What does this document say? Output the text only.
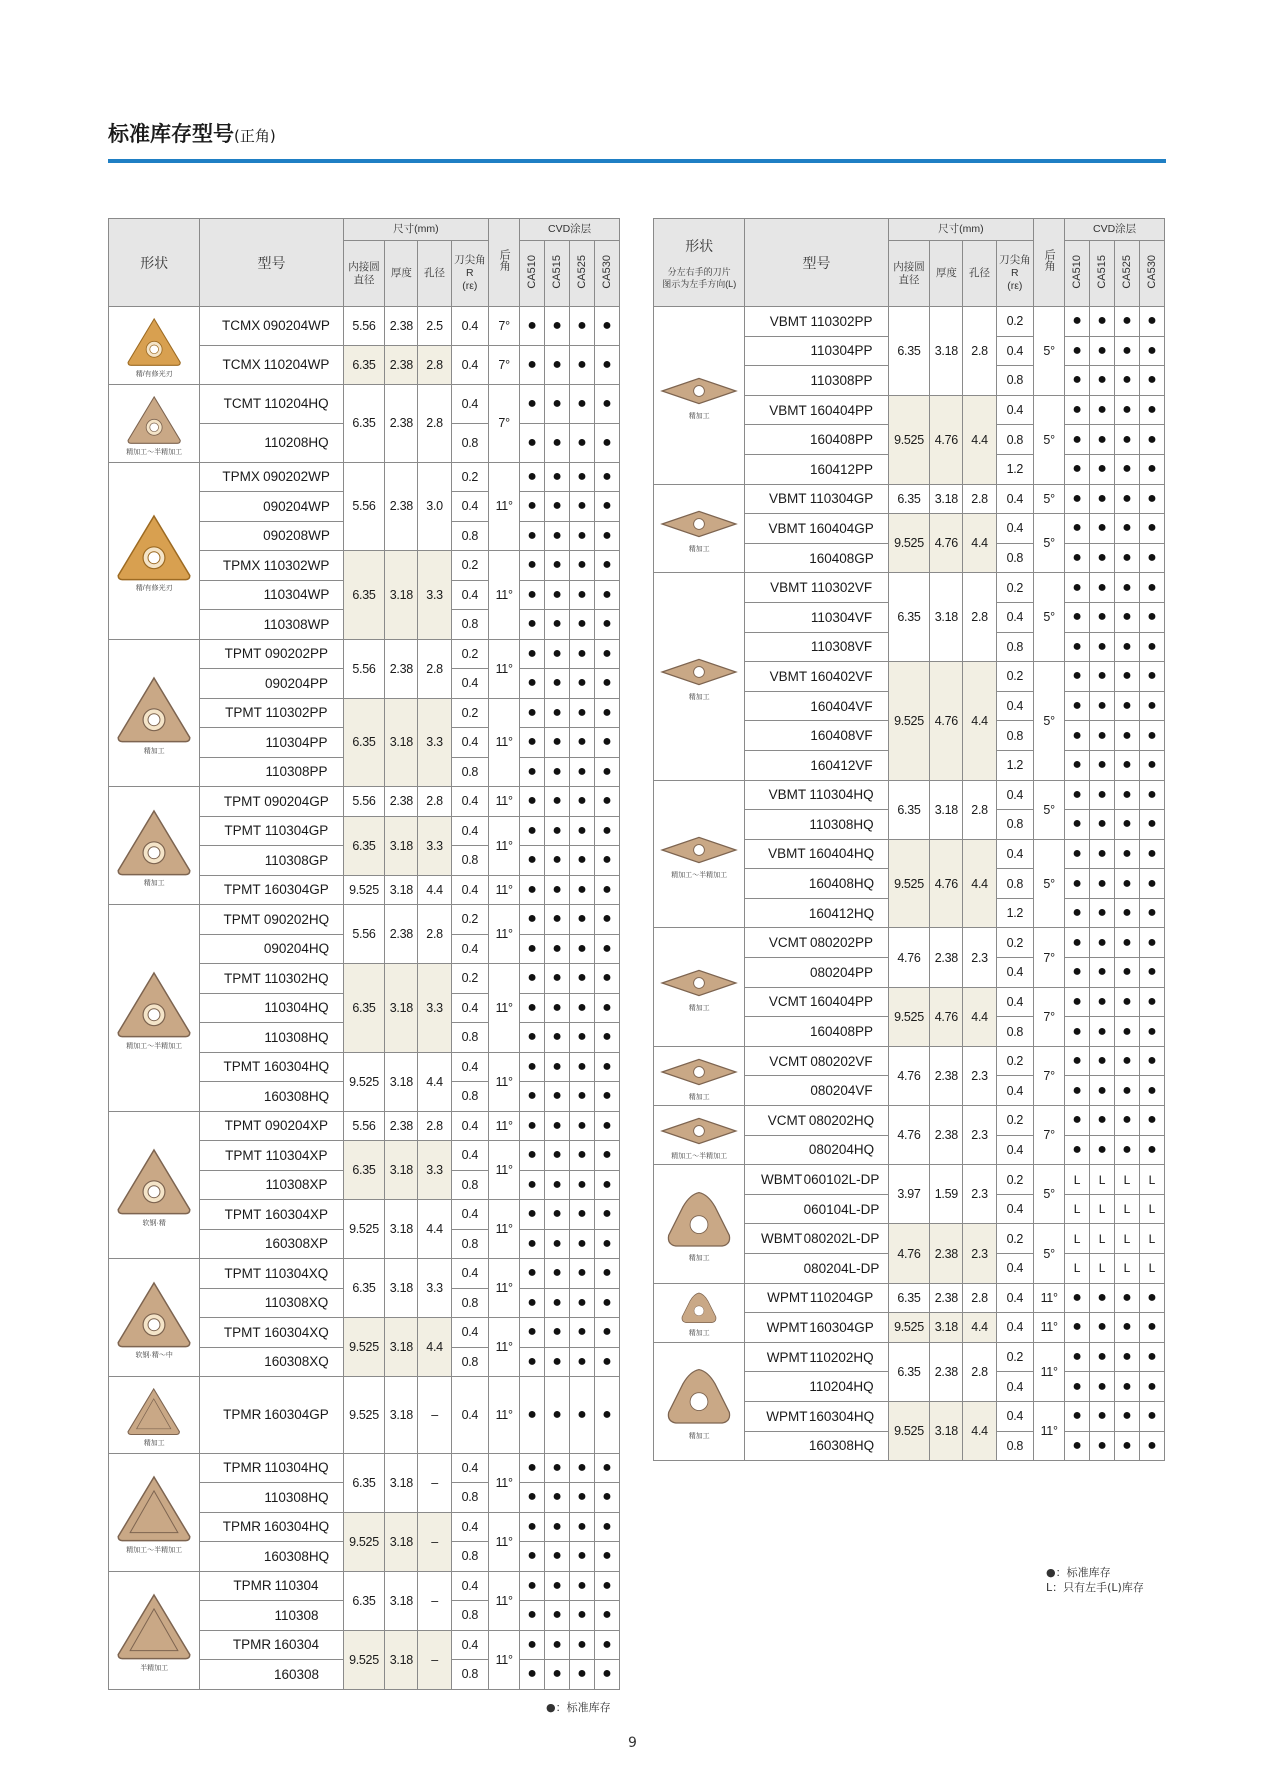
标准库存型号(正角)
形状	型号	尺寸(mm)				后角	CVD涂层			
		内接圆
直径	厚度	孔径	刀尖角
R
(rε)		CA510	CA515	CA525	CA530

精/有修光刃	TCMX 090204WP	5.56	2.38	2.5	0.4	7°	●	●	●	●
	TCMX 110204WP	6.35	2.38	2.8	0.4	7°	●	●	●	●

精加工～半精加工	TCMT 110204HQ	6.35	2.38	2.8	0.4	7°	●	●	●	●
	110208HQ				0.8		●	●	●	●

精/有修光刃	TPMX 090202WP	5.56	2.38	3.0	0.2	11°	●	●	●	●
	090204WP				0.4		●	●	●	●
	090208WP				0.8		●	●	●	●
	TPMX 110302WP	6.35	3.18	3.3	0.2	11°	●	●	●	●
	110304WP				0.4		●	●	●	●
	110308WP				0.8		●	●	●	●

精加工	TPMT 090202PP	5.56	2.38	2.8	0.2	11°	●	●	●	●
	090204PP				0.4		●	●	●	●
	TPMT 110302PP	6.35	3.18	3.3	0.2	11°	●	●	●	●
	110304PP				0.4		●	●	●	●
	110308PP				0.8		●	●	●	●

精加工	TPMT 090204GP	5.56	2.38	2.8	0.4	11°	●	●	●	●
	TPMT 110304GP	6.35	3.18	3.3	0.4	11°	●	●	●	●
	110308GP				0.8		●	●	●	●
	TPMT 160304GP	9.525	3.18	4.4	0.4	11°	●	●	●	●

精加工～半精加工	TPMT 090202HQ	5.56	2.38	2.8	0.2	11°	●	●	●	●
	090204HQ				0.4		●	●	●	●
	TPMT 110302HQ	6.35	3.18	3.3	0.2	11°	●	●	●	●
	110304HQ				0.4		●	●	●	●
	110308HQ				0.8		●	●	●	●
	TPMT 160304HQ	9.525	3.18	4.4	0.4	11°	●	●	●	●
	160308HQ				0.8		●	●	●	●

软钢·精	TPMT 090204XP	5.56	2.38	2.8	0.4	11°	●	●	●	●
	TPMT 110304XP	6.35	3.18	3.3	0.4	11°	●	●	●	●
	110308XP				0.8		●	●	●	●
	TPMT 160304XP	9.525	3.18	4.4	0.4	11°	●	●	●	●
	160308XP				0.8		●	●	●	●

软钢·精～中	TPMT 110304XQ	6.35	3.18	3.3	0.4	11°	●	●	●	●
	110308XQ				0.8		●	●	●	●
	TPMT 160304XQ	9.525	3.18	4.4	0.4	11°	●	●	●	●
	160308XQ				0.8		●	●	●	●

精加工	TPMR 160304GP	9.525	3.18	–	0.4	11°	●	●	●	●

精加工～半精加工	TPMR 110304HQ	6.35	3.18	–	0.4	11°	●	●	●	●
	110308HQ				0.8		●	●	●	●
	TPMR 160304HQ	9.525	3.18	–	0.4	11°	●	●	●	●
	160308HQ				0.8		●	●	●	●

半精加工	TPMR 110304	6.35	3.18	–	0.4	11°	●	●	●	●
	110308				0.8		●	●	●	●
	TPMR 160304	9.525	3.18	–	0.4	11°	●	●	●	●
	160308				0.8		●	●	●	●
形状
分左右手的刀片
图示为左手方向(L)	型号	尺寸(mm)				后角	CVD涂层			
		内接圆
直径	厚度	孔径	刀尖角
R
(rε)		CA510	CA515	CA525	CA530

精加工	VBMT 110302PP	6.35	3.18	2.8	0.2	5°	●	●	●	●
	110304PP				0.4		●	●	●	●
	110308PP				0.8		●	●	●	●
	VBMT 160404PP	9.525	4.76	4.4	0.4	5°	●	●	●	●
	160408PP				0.8		●	●	●	●
	160412PP				1.2		●	●	●	●

精加工	VBMT 110304GP	6.35	3.18	2.8	0.4	5°	●	●	●	●
	VBMT 160404GP	9.525	4.76	4.4	0.4	5°	●	●	●	●
	160408GP				0.8		●	●	●	●

精加工	VBMT 110302VF	6.35	3.18	2.8	0.2	5°	●	●	●	●
	110304VF				0.4		●	●	●	●
	110308VF				0.8		●	●	●	●
	VBMT 160402VF	9.525	4.76	4.4	0.2	5°	●	●	●	●
	160404VF				0.4		●	●	●	●
	160408VF				0.8		●	●	●	●
	160412VF				1.2		●	●	●	●

精加工～半精加工	VBMT 110304HQ	6.35	3.18	2.8	0.4	5°	●	●	●	●
	110308HQ				0.8		●	●	●	●
	VBMT 160404HQ	9.525	4.76	4.4	0.4	5°	●	●	●	●
	160408HQ				0.8		●	●	●	●
	160412HQ				1.2		●	●	●	●

精加工	VCMT 080202PP	4.76	2.38	2.3	0.2	7°	●	●	●	●
	080204PP				0.4		●	●	●	●
	VCMT 160404PP	9.525	4.76	4.4	0.4	7°	●	●	●	●
	160408PP				0.8		●	●	●	●

精加工	VCMT 080202VF	4.76	2.38	2.3	0.2	7°	●	●	●	●
	080204VF				0.4		●	●	●	●

精加工～半精加工	VCMT 080202HQ	4.76	2.38	2.3	0.2	7°	●	●	●	●
	080204HQ				0.4		●	●	●	●

精加工	WBMT060102L-DP	3.97	1.59	2.3	0.2	5°	L	L	L	L
	060104L-DP				0.4		L	L	L	L
	WBMT080202L-DP	4.76	2.38	2.3	0.2	5°	L	L	L	L
	080204L-DP				0.4		L	L	L	L

精加工	WPMT110204GP	6.35	2.38	2.8	0.4	11°	●	●	●	●
	WPMT160304GP	9.525	3.18	4.4	0.4	11°	●	●	●	●

精加工	WPMT110202HQ	6.35	2.38	2.8	0.2	11°	●	●	●	●
	110204HQ				0.4		●	●	●	●
	WPMT160304HQ	9.525	3.18	4.4	0.4	11°	●	●	●	●
	160308HQ				0.8		●	●	●	●
●：标准库存
●：标准库存
L：只有左手(L)库存
9
